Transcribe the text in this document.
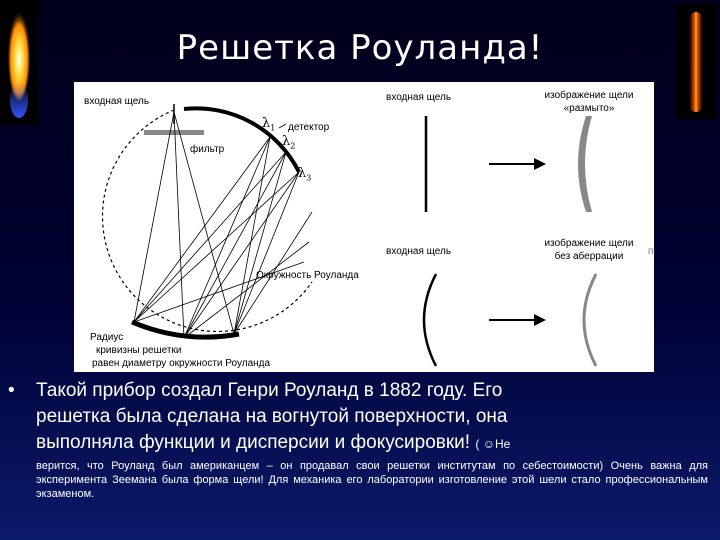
Решетка Роуланда!
входная щель
детектор
фильтр
$\lambda_1$
$\lambda_2$
$\lambda_3$
Окружность Роуланда
Радиус
кривизны решетки
равен диаметру окружности Роуланда
входная щель	изображение щели
«размыто»
входная щель
изображение щели
без аберрации	п
• Такой прибор создал Генри Роуланд в 1882 году. Его
решетка была сделана на вогнутой поверхности, она
выполняла функции и дисперсии и фокусировки! ( ☺Не
верится, что Роуланд был американцем – он продавал свои решетки институтам по себестоимости) Очень важна для эксперимента Зеемана была форма щели! Для механика его лаборатории изготовление этой шели стало профессиональным экзаменом.
